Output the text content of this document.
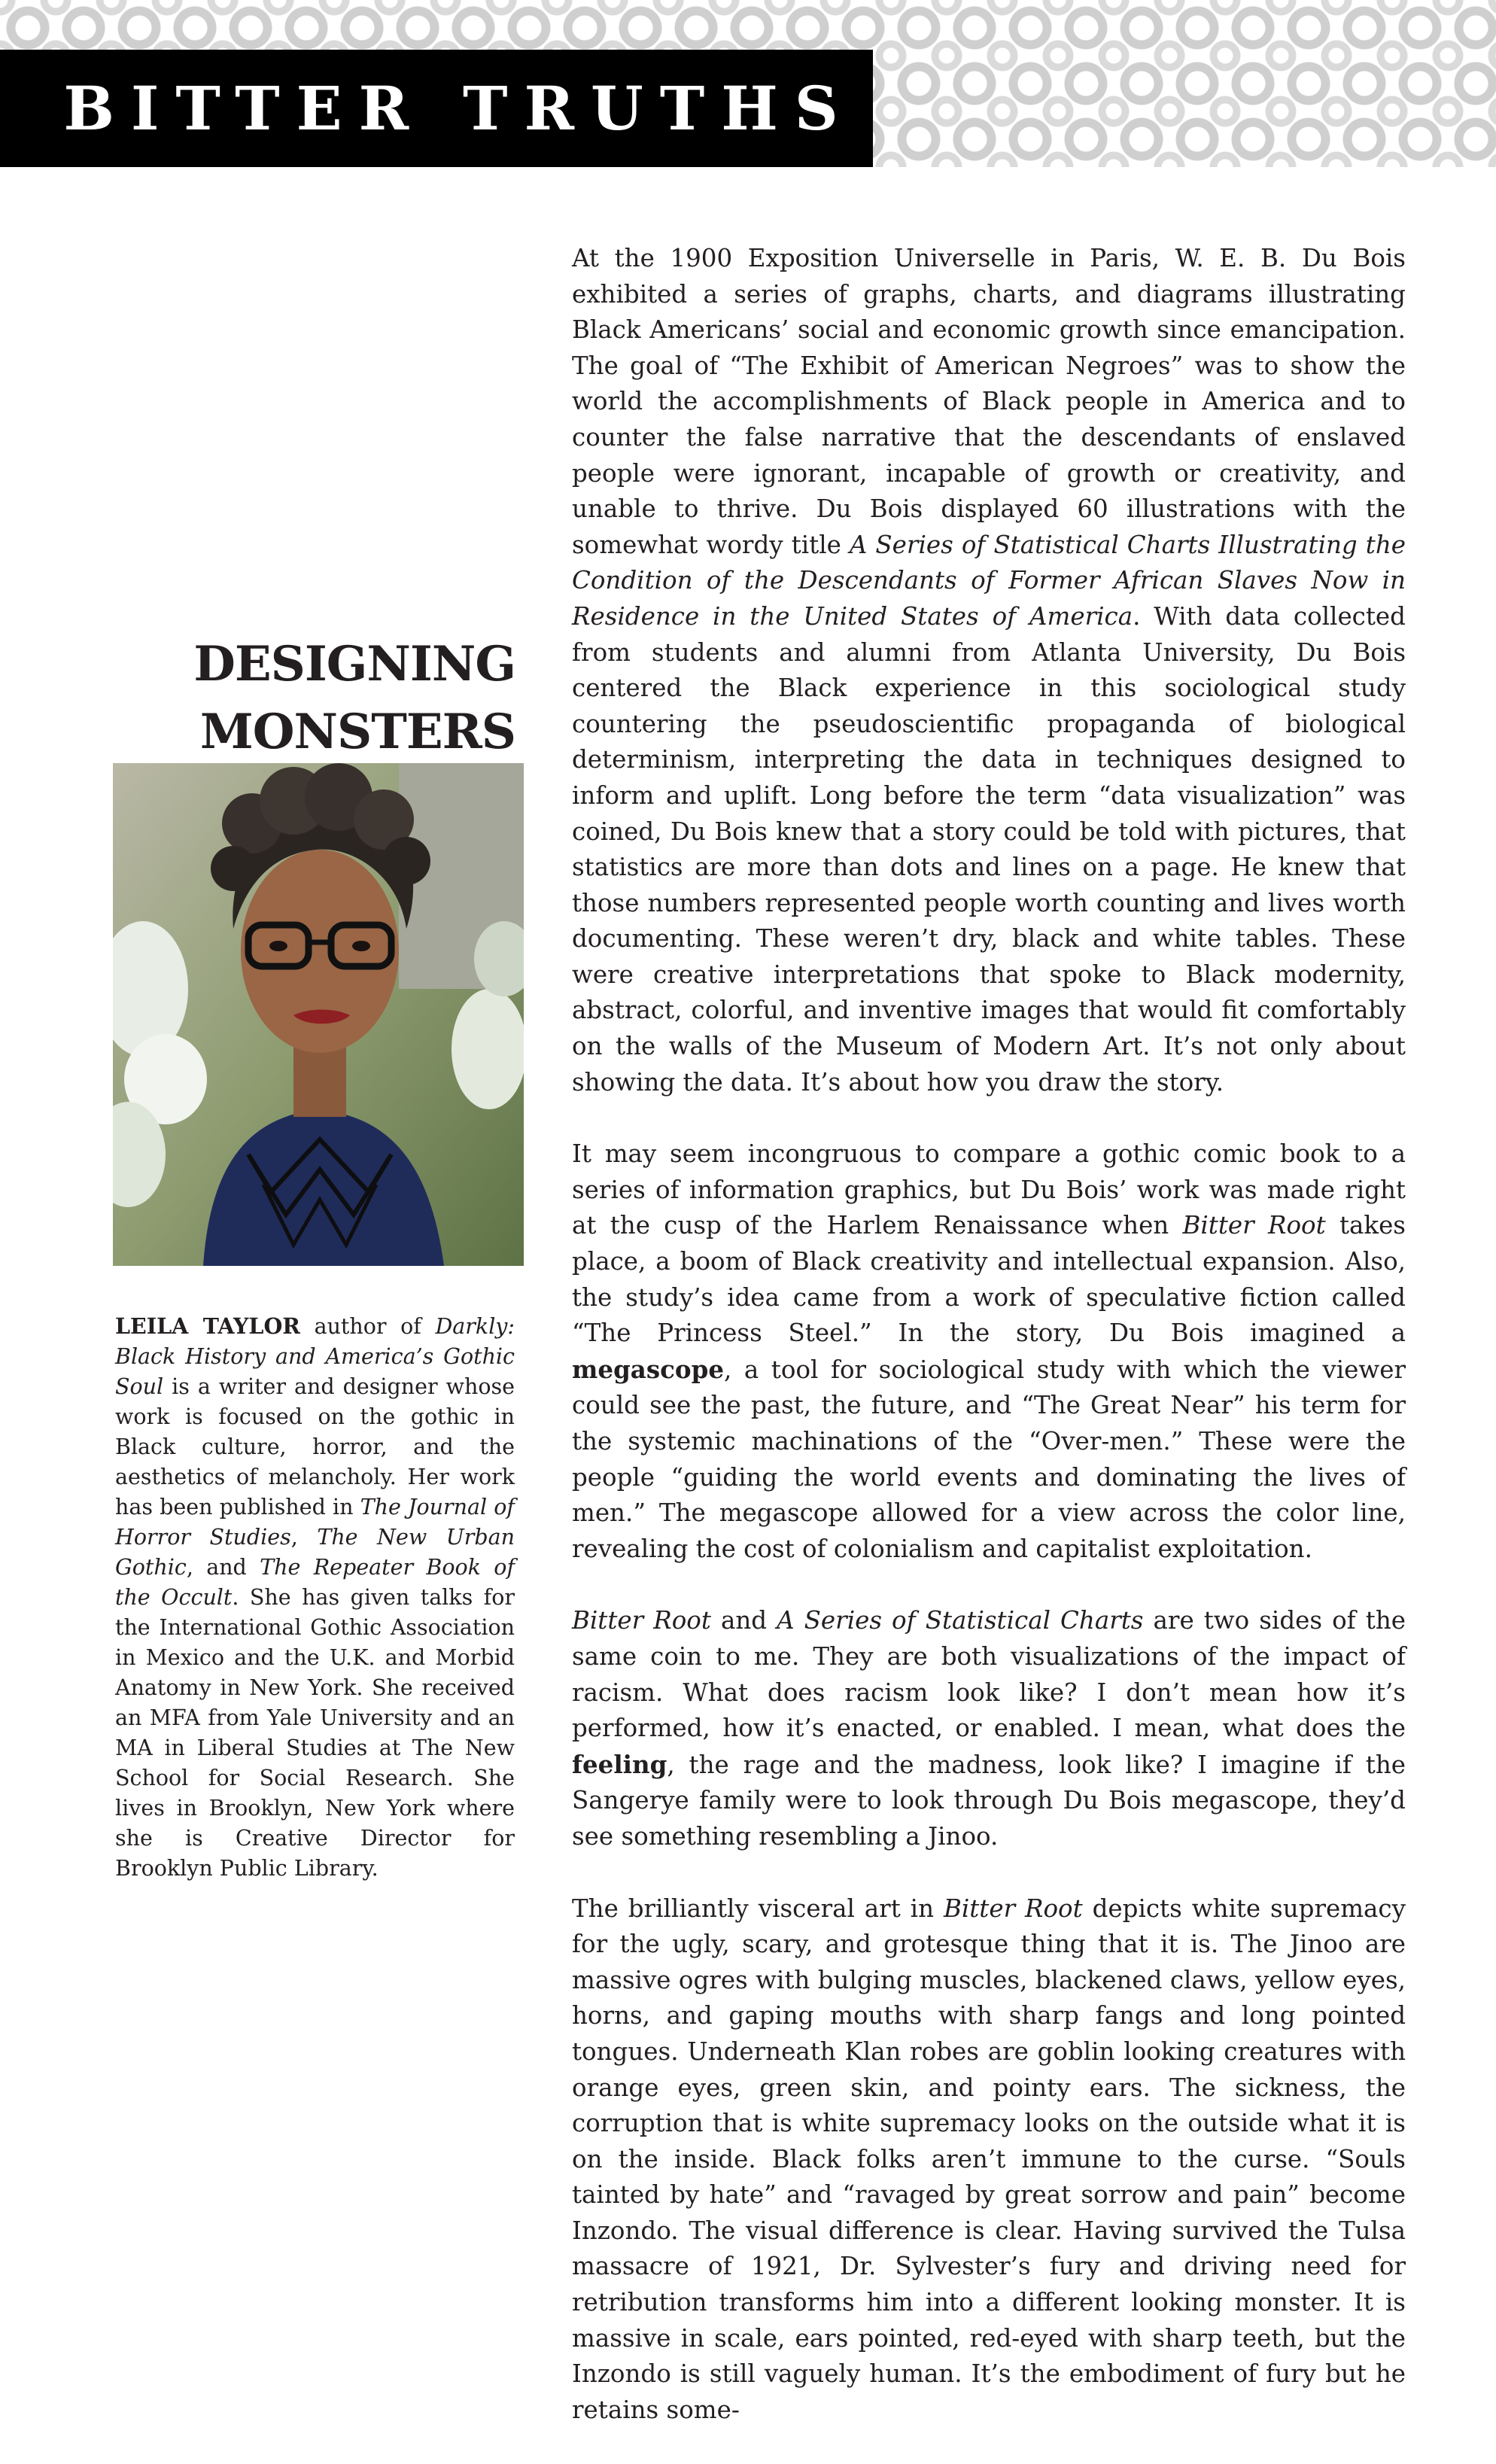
BITTER TRUTHS
DESIGNING
MONSTERS
LEILA TAYLOR author of Darkly: Black History and America’s Gothic Soul is a writer and designer whose work is focused on the gothic in Black culture, horror, and the aesthetics of melancholy. Her work has been published in The Journal of Horror Studies, The New Urban Gothic, and The Repeater Book of the Occult. She has given talks for the International Gothic Association in Mexico and the U.K. and Morbid Anatomy in New York. She received an MFA from Yale University and an MA in Liberal Studies at The New School for Social Research. She lives in Brooklyn, New York where she is Creative Director for Brooklyn Public Library.

At the 1900 Exposition Universelle in Paris, W. E. B. Du Bois exhibited a series of graphs, charts, and diagrams illustrating Black Americans’ social and economic growth since emancipation. The goal of “The Exhibit of American Negroes” was to show the world the accomplishments of Black people in America and to counter the false narrative that the descendants of enslaved people were ignorant, incapable of growth or creativity, and unable to thrive. Du Bois displayed 60 illustrations with the somewhat wordy title A Series of Statistical Charts Illustrating the Condition of the Descendants of Former African Slaves Now in Residence in the United States of America. With data collected from students and alumni from Atlanta University, Du Bois centered the Black experience in this sociological study countering the pseudoscientific propaganda of biological determinism, interpreting the data in techniques designed to inform and uplift. Long before the term “data visualization” was coined, Du Bois knew that a story could be told with pictures, that statistics are more than dots and lines on a page. He knew that those numbers represented people worth counting and lives worth documenting. These weren’t dry, black and white tables. These were creative interpretations that spoke to Black modernity, abstract, colorful, and inventive images that would fit comfortably on the walls of the Museum of Modern Art. It’s not only about showing the data. It’s about how you draw the story.

It may seem incongruous to compare a gothic comic book to a series of information graphics, but Du Bois’ work was made right at the cusp of the Harlem Renaissance when Bitter Root takes place, a boom of Black creativity and intellectual expansion. Also, the study’s idea came from a work of speculative fiction called “The Princess Steel.” In the story, Du Bois imagined a megascope, a tool for sociological study with which the viewer could see the past, the future, and “The Great Near” his term for the systemic machinations of the “Over-men.” These were the people “guiding the world events and dominating the lives of men.” The megascope allowed for a view across the color line, revealing the cost of colonialism and capitalist exploitation.

Bitter Root and A Series of Statistical Charts are two sides of the same coin to me. They are both visualizations of the impact of racism. What does racism look like? I don’t mean how it’s performed, how it’s enacted, or enabled. I mean, what does the feeling, the rage and the madness, look like? I imagine if the Sangerye family were to look through Du Bois megascope, they’d see something resembling a Jinoo.

The brilliantly visceral art in Bitter Root depicts white supremacy for the ugly, scary, and grotesque thing that it is. The Jinoo are massive ogres with bulging muscles, blackened claws, yellow eyes, horns, and gaping mouths with sharp fangs and long pointed tongues. Underneath Klan robes are goblin looking creatures with orange eyes, green skin, and pointy ears. The sickness, the corruption that is white supremacy looks on the outside what it is on the inside. Black folks aren’t immune to the curse. “Souls tainted by hate” and “ravaged by great sorrow and pain” become Inzondo. The visual difference is clear. Having survived the Tulsa massacre of 1921, Dr. Sylvester’s fury and driving need for retribution transforms him into a different looking monster. It is massive in scale, ears pointed, red-eyed with sharp teeth, but the Inzondo is still vaguely human. It’s the embodiment of fury but he retains some-
